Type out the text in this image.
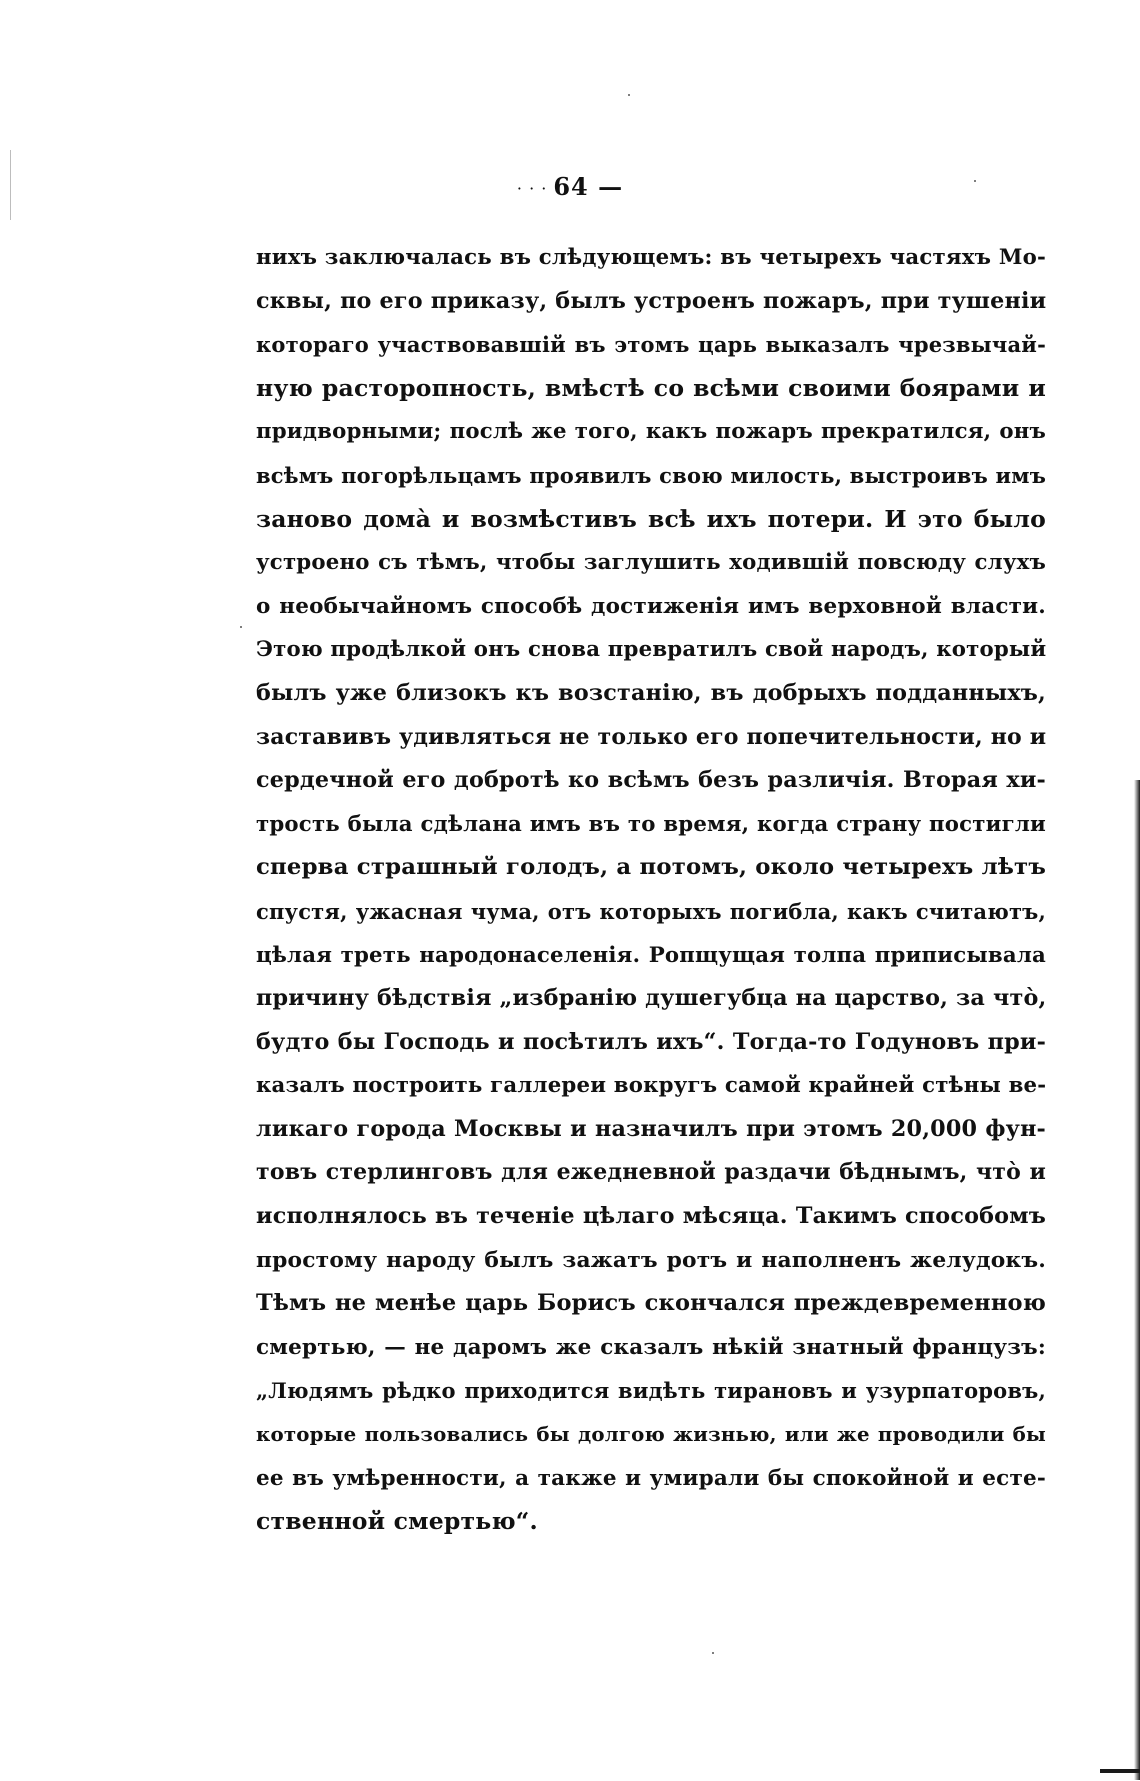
· · · 64 —
нихъ заключалась въ слѣдующемъ: въ четырехъ частяхъ Мо-
сквы, по его приказу, былъ устроенъ пожаръ, при тушеніи
котораго участвовавшій въ этомъ царь выказалъ чрезвычай-
ную расторопность, вмѣстѣ со всѣми своими боярами и
придворными; послѣ же того, какъ пожаръ прекратился, онъ
всѣмъ погорѣльцамъ проявилъ свою милость, выстроивъ имъ
заново домà и возмѣстивъ всѣ ихъ потери. И это было
устроено съ тѣмъ, чтобы заглушить ходившій повсюду слухъ
о необычайномъ способѣ достиженія имъ верховной власти.
Этою продѣлкой онъ снова превратилъ свой народъ, который
былъ уже близокъ къ возстанію, въ добрыхъ подданныхъ,
заставивъ удивляться не только его попечительности, но и
сердечной его добротѣ ко всѣмъ безъ различія. Вторая хи-
трость была сдѣлана имъ въ то время, когда страну постигли
сперва страшный голодъ, а потомъ, около четырехъ лѣтъ
спустя, ужасная чума, отъ которыхъ погибла, какъ считаютъ,
цѣлая треть народонаселенія. Ропщущая толпа приписывала
причину бѣдствія „избранію душегубца на царство, за чтò,
будто бы Господь и посѣтилъ ихъ“. Тогда-то Годуновъ при-
казалъ построить галлереи вокругъ самой крайней стѣны ве-
ликаго города Москвы и назначилъ при этомъ 20,000 фун-
товъ стерлинговъ для ежедневной раздачи бѣднымъ, чтò и
исполнялось въ теченіе цѣлаго мѣсяца. Такимъ способомъ
простому народу былъ зажатъ ротъ и наполненъ желудокъ.
Тѣмъ не менѣе царь Борисъ скончался преждевременною
смертью, — не даромъ же сказалъ нѣкій знатный французъ:
„Людямъ рѣдко приходится видѣть тирановъ и узурпаторовъ,
которые пользовались бы долгою жизнью, или же проводили бы
ее въ умѣренности, а также и умирали бы спокойной и есте-
ственной смертью“.
